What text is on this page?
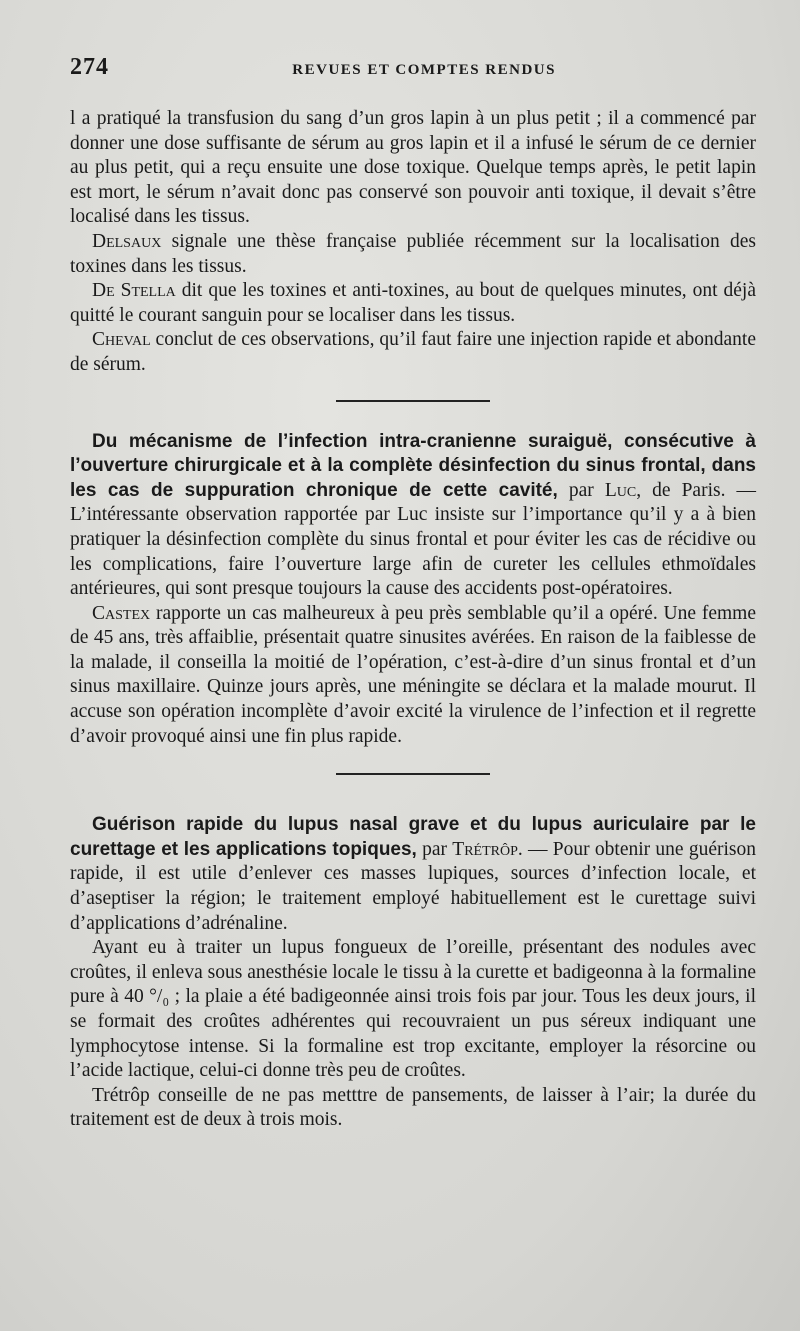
274	REVUES ET COMPTES RENDUS

l a pratiqué la transfusion du sang d’un gros lapin à un plus petit ; il a commencé par donner une dose suffisante de sérum au gros lapin et il a infusé le sérum de ce dernier au plus petit, qui a reçu ensuite une dose toxique. Quelque temps après, le petit lapin est mort, le sérum n’avait donc pas conservé son pouvoir anti toxique, il devait s’être localisé dans les tissus.

Delsaux signale une thèse française publiée récemment sur la localisation des toxines dans les tissus.

De Stella dit que les toxines et anti-toxines, au bout de quelques minutes, ont déjà quitté le courant sanguin pour se localiser dans les tissus.

Cheval conclut de ces observations, qu’il faut faire une injection rapide et abondante de sérum.

Du mécanisme de l’infection intra-cranienne suraiguë, consécutive à l’ouverture chirurgicale et à la complète désinfection du sinus frontal, dans les cas de suppuration chronique de cette cavité, par Luc, de Paris. — L’intéressante observation rapportée par Luc insiste sur l’importance qu’il y a à bien pratiquer la désinfection complète du sinus frontal et pour éviter les cas de récidive ou les complications, faire l’ouverture large afin de cureter les cellules ethmoïdales antérieures, qui sont presque toujours la cause des accidents post-opératoires.

Castex rapporte un cas malheureux à peu près semblable qu’il a opéré. Une femme de 45 ans, très affaiblie, présentait quatre sinusites avérées. En raison de la faiblesse de la malade, il conseilla la moitié de l’opération, c’est-à-dire d’un sinus frontal et d’un sinus maxillaire. Quinze jours après, une méningite se déclara et la malade mourut. Il accuse son opération incomplète d’avoir excité la virulence de l’infection et il regrette d’avoir provoqué ainsi une fin plus rapide.

Guérison rapide du lupus nasal grave et du lupus auriculaire par le curettage et les applications topiques, par Trétrôp. — Pour obtenir une guérison rapide, il est utile d’enlever ces masses lupiques, sources d’infection locale, et d’aseptiser la région; le traitement employé habituellement est le curettage suivi d’applications d’adrénaline.

Ayant eu à traiter un lupus fongueux de l’oreille, présentant des nodules avec croûtes, il enleva sous anesthésie locale le tissu à la curette et badigeonna à la formaline pure à 40 °/₀ ; la plaie a été badigeonnée ainsi trois fois par jour. Tous les deux jours, il se formait des croûtes adhérentes qui recouvraient un pus séreux indiquant une lymphocytose intense. Si la formaline est trop excitante, employer la résorcine ou l’acide lactique, celui-ci donne très peu de croûtes.

Trétrôp conseille de ne pas metttre de pansements, de laisser à l’air; la durée du traitement est de deux à trois mois.
